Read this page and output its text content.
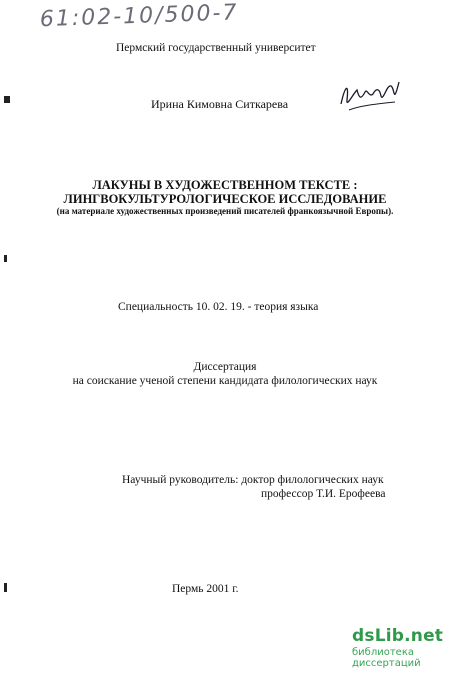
61:02-10/500-7
Пермский государственный университет
Ирина Кимовна Ситкарева
ЛАКУНЫ В ХУДОЖЕСТВЕННОМ ТЕКСТЕ :
ЛИНГВОКУЛЬТУРОЛОГИЧЕСКОЕ ИССЛЕДОВАНИЕ
(на материале художественных произведений писателей франкоязычной Европы).
Специальность 10. 02. 19. - теория языка
Диссертация
на соискание ученой степени кандидата филологических наук
Научный руководитель: доктор филологических наук
профессор Т.И. Ерофеева
Пермь 2001 г.
dsLib.net
библиотека диссертаций
